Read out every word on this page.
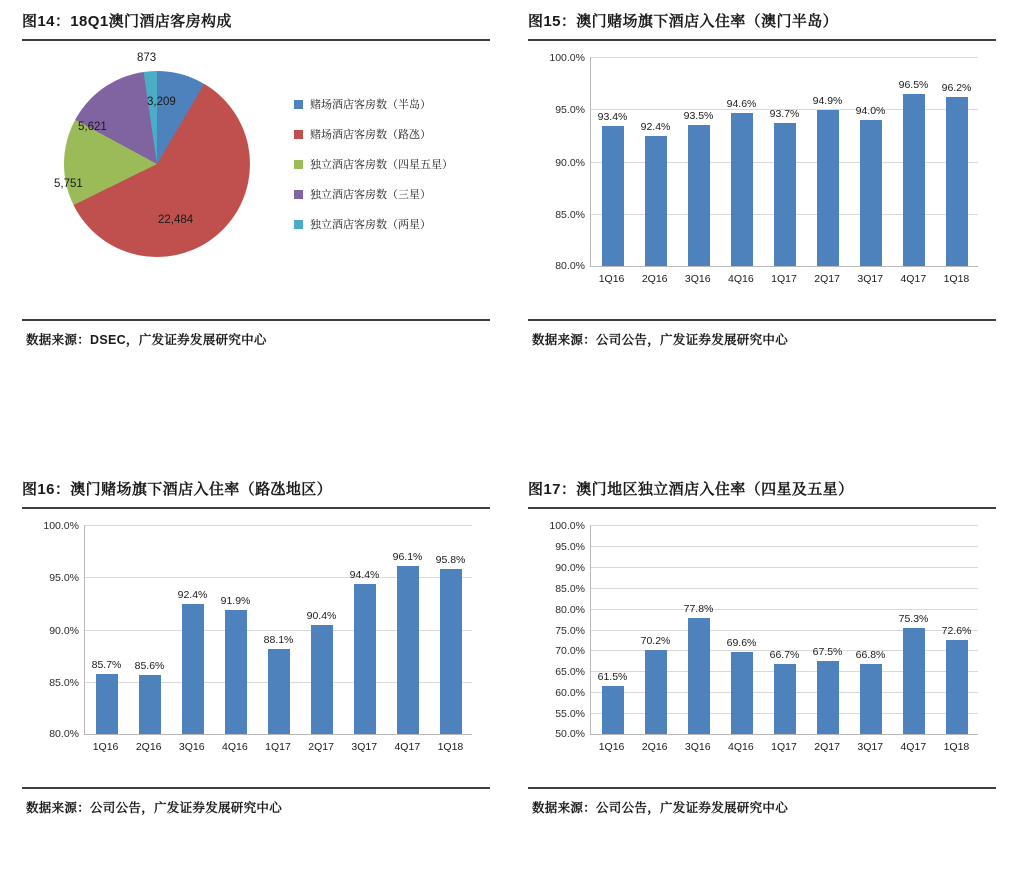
图14：18Q1澳门酒店客房构成
3,209
873
5,621
5,751
22,484
赌场酒店客房数（半岛）
赌场酒店客房数（路氹）
独立酒店客房数（四星五星）
独立酒店客房数（三星）
独立酒店客房数（两星）
数据来源：DSEC，广发证券发展研究中心
图15：澳门赌场旗下酒店入住率（澳门半岛）
100.0%
95.0%
90.0%
85.0%
80.0%
93.4%
92.4%
93.5%
94.6%
93.7%
94.9%
94.0%
96.5% 96.2%
1Q16	2Q16	3Q16	4Q16	1Q17	2Q17	3Q17	4Q17	1Q18
数据来源：公司公告，广发证券发展研究中心
图16：澳门赌场旗下酒店入住率（路氹地区）
100.0%
95.0%
90.0%
85.0%
80.0%
85.7% 85.6%
92.4% 91.9%
88.1%
90.4%
94.4%
96.1% 95.8%
1Q16	2Q16	3Q16	4Q16	1Q17	2Q17	3Q17	4Q17	1Q18
数据来源：公司公告，广发证券发展研究中心
图17：澳门地区独立酒店入住率（四星及五星）
100.0%
95.0%
90.0%
85.0%
80.0%
75.0%
70.0%
65.0%
60.0%
55.0%
50.0%
61.5%
70.2%
77.8%
69.6%
66.7% 67.5% 66.8%
75.3%
72.6%
1Q16	2Q16	3Q16	4Q16	1Q17	2Q17	3Q17	4Q17	1Q18
数据来源：公司公告，广发证券发展研究中心
